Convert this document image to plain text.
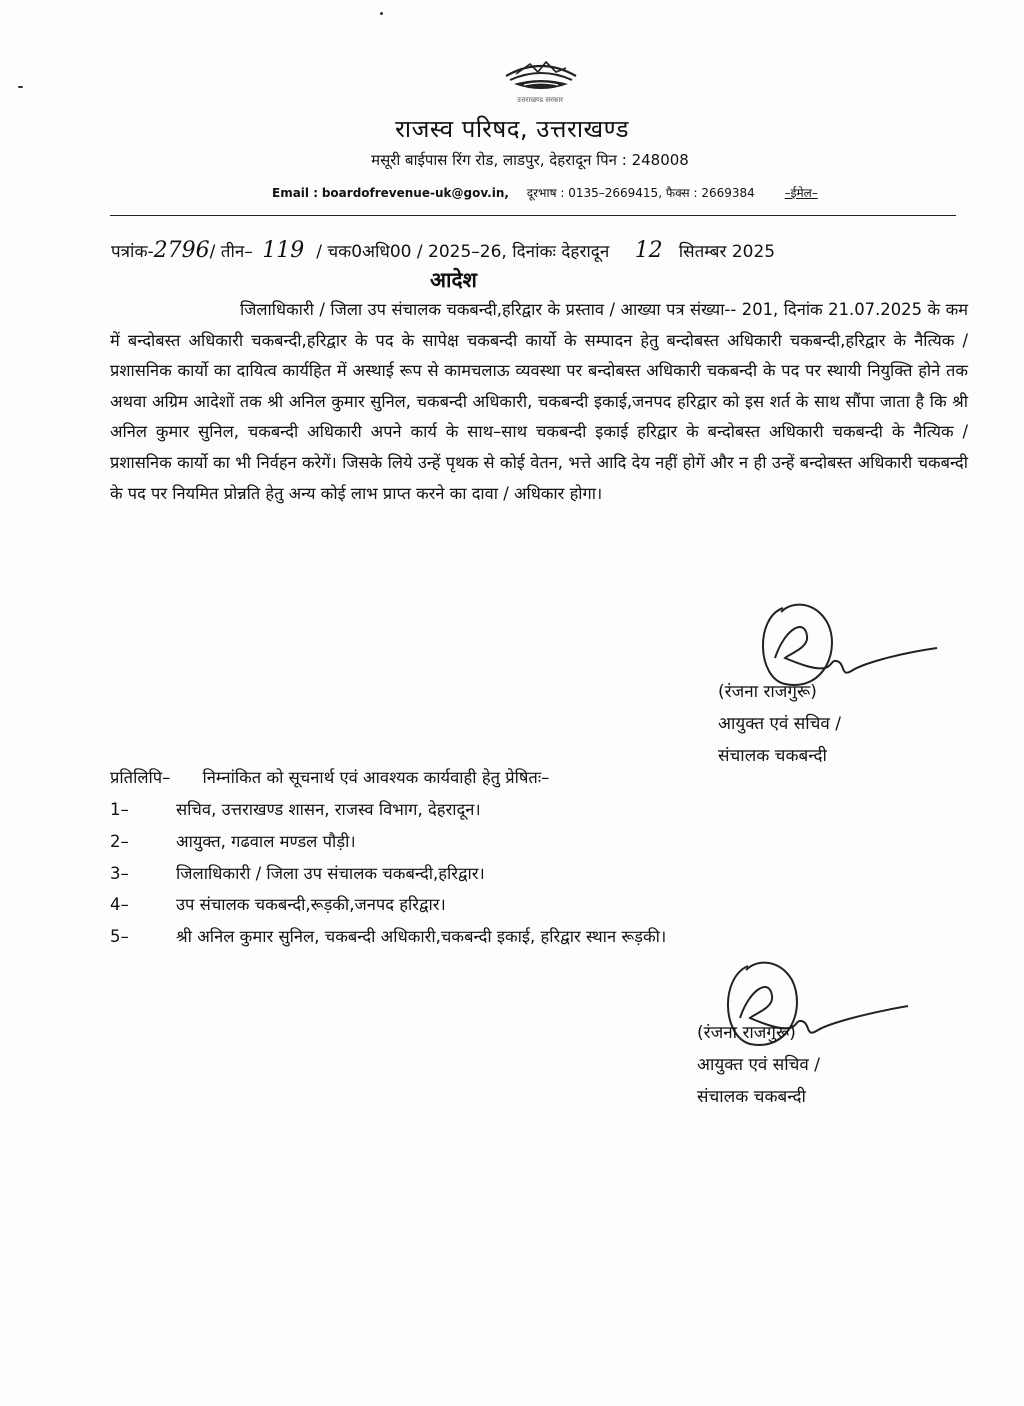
उत्तराखण्ड सरकार
राजस्व परिषद, उत्तराखण्ड
मसूरी बाईपास रिंग रोड, लाडपुर, देहरादून पिन : 248008
Email : boardofrevenue-uk@gov.in, दूरभाष : 0135–2669415, फैक्स : 2669384 –ईमेल–
पत्रांक-2796/ तीन– 119 / चक0अधि00 / 2025–26, दिनांकः देहरादून 12 सितम्बर 2025
आदेश
जिलाधिकारी / जिला उप संचालक चकबन्दी,हरिद्वार के प्रस्ताव / आख्या पत्र संख्या-- 201, दिनांक 21.07.2025 के कम में बन्दोबस्त अधिकारी चकबन्दी,हरिद्वार के पद के सापेक्ष चकबन्दी कार्यो के सम्पादन हेतु बन्दोबस्त अधिकारी चकबन्दी,हरिद्वार के नैत्यिक / प्रशासनिक कार्यो का दायित्व कार्यहित में अस्थाई रूप से कामचलाऊ व्यवस्था पर बन्दोबस्त अधिकारी चकबन्दी के पद पर स्थायी नियुक्ति होने तक अथवा अग्रिम आदेशों तक श्री अनिल कुमार सुनिल, चकबन्दी अधिकारी, चकबन्दी इकाई,जनपद हरिद्वार को इस शर्त के साथ सौंपा जाता है कि श्री अनिल कुमार सुनिल, चकबन्दी अधिकारी अपने कार्य के साथ–साथ चकबन्दी इकाई हरिद्वार के बन्दोबस्त अधिकारी चकबन्दी के नैत्यिक / प्रशासनिक कार्यो का भी निर्वहन करेगें। जिसके लिये उन्हें पृथक से कोई वेतन, भत्ते आदि देय नहीं होगें और न ही उन्हें बन्दोबस्त अधिकारी चकबन्दी के पद पर नियमित प्रोन्नति हेतु अन्य कोई लाभ प्राप्त करने का दावा / अधिकार होगा।
(रंजना राजगुरू)
आयुक्त एवं सचिव /
संचालक चकबन्दी
प्रतिलिपि– निम्नांकित को सूचनार्थ एवं आवश्यक कार्यवाही हेतु प्रेषितः–
1–	सचिव, उत्तराखण्ड शासन, राजस्व विभाग, देहरादून।
2–	आयुक्त, गढवाल मण्डल पौड़ी।
3–	जिलाधिकारी / जिला उप संचालक चकबन्दी,हरिद्वार।
4–	उप संचालक चकबन्दी,रूड़की,जनपद हरिद्वार।
5–	श्री अनिल कुमार सुनिल, चकबन्दी अधिकारी,चकबन्दी इकाई, हरिद्वार स्थान रूड़की।
(रंजना राजगुरू)
आयुक्त एवं सचिव /
संचालक चकबन्दी
